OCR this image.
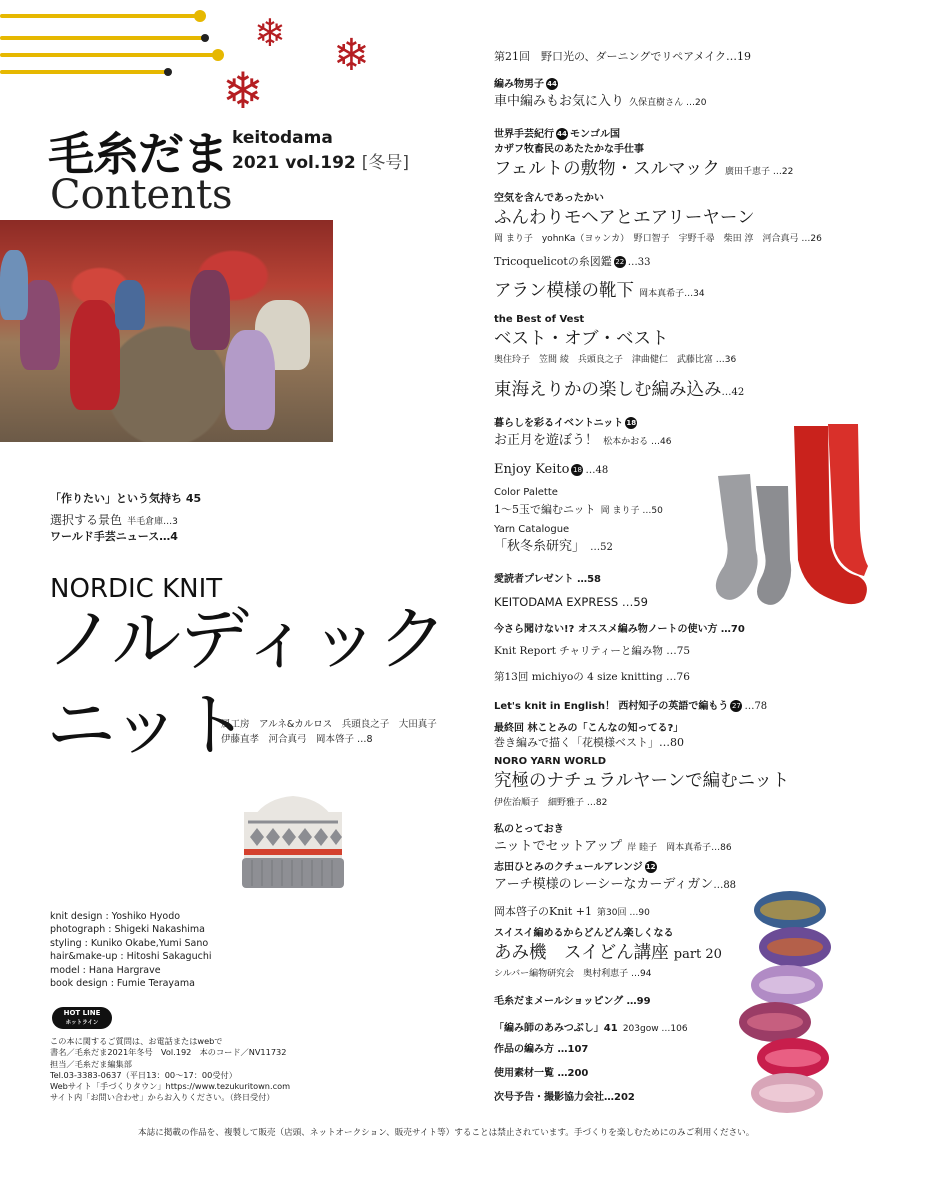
❄ ❄
❄
毛糸だま keitodama
2021 vol.192 [冬号]
Contents
「作りたい」という気持ち 45
選択する景色 半毛倉庫…3
ワールド手芸ニュース…4
NORDIC KNIT
ノルディック
ニット
風工房　アルネ&カルロス　兵頭良之子　大田真子
伊藤直孝　河合真弓　岡本啓子 …8
knit design : Yoshiko Hyodo
photograph : Shigeki Nakashima
styling : Kuniko Okabe,Yumi Sano
hair&make-up : Hitoshi Sakaguchi
model : Hana Hargrave
book design : Fumie Terayama
HOT LINE
ホットライン
この本に関するご質問は、お電話またはwebで
書名／毛糸だま2021年冬号　Vol.192　本のコード／NV11732
担当／毛糸だま編集部
Tel.03-3383-0637（平日13：00～17：00受付）
Webサイト「手づくりタウン」https://www.tezukuritown.com
サイト内「お問い合わせ」からお入りください。（終日受付）
本誌に掲載の作品を、複製して販売（店頭、ネットオークション、販売サイト等）することは禁止されています。手づくりを楽しむためにのみご利用ください。
第21回　野口光の、ダーニングでリペアメイク…19
編み物男子 44
車中編みもお気に入り 久保直樹さん …20
世界手芸紀行 44 モンゴル国
カザフ牧畜民のあたたかな手仕事
フェルトの敷物・スルマック 廣田千恵子 …22
空気を含んであったかい
ふんわりモヘアとエアリーヤーン
岡 まり子　yohnKa（ヨゥンカ）　野口智子　宇野千尋　柴田 淳　河合真弓 …26
Tricoquelicotの糸図鑑 22 …33
アラン模様の靴下 岡本真希子…34
the Best of Vest
ベスト・オブ・ベスト
奥住玲子　笠間 綾　兵頭良之子　津曲健仁　武藤比富 …36
東海えりかの楽しむ編み込み…42
暮らしを彩るイベントニット 18
お正月を遊ぼう！ 松本かおる …46
Enjoy Keito 18 …48
Color Palette
1～5玉で編むニット 岡 まり子 …50
Yarn Catalogue
「秋冬糸研究」 …52
愛読者プレゼント …58
KEITODAMA EXPRESS …59
今さら聞けない!? オススメ編み物ノートの使い方 …70
Knit Report チャリティーと編み物 …75
第13回 michiyoの 4 size knitting …76
Let's knit in English！ 西村知子の英語で編もう 27 …78
最終回 林ことみの「こんなの知ってる?」
巻き編みで描く「花模様ベスト」…80
NORO YARN WORLD
究極のナチュラルヤーンで編むニット
伊佐治順子　細野雅子 …82
私のとっておき
ニットでセットアップ 岸 睦子　岡本真希子…86
志田ひとみのクチュールアレンジ 12
アーチ模様のレーシーなカーディガン…88
岡本啓子のKnit +1 第30回 …90
スイスイ編めるからどんどん楽しくなる
あみ機　スイどん講座 part 20
シルバー編物研究会　奥村利恵子 …94
毛糸だまメールショッピング …99
「編み師のあみつぶし」41 203gow …106
作品の編み方 …107
使用素材一覧 …200
次号予告・撮影協力会社…202
